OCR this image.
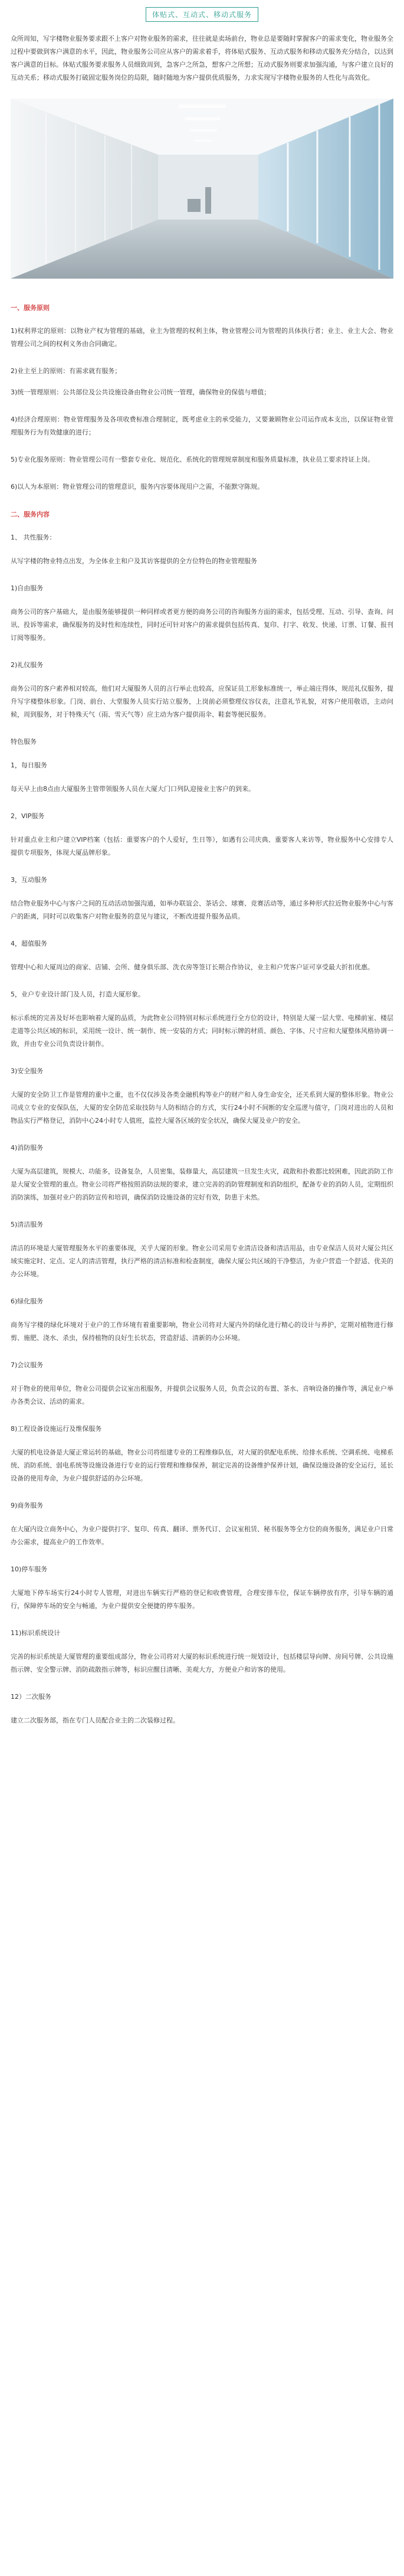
体贴式、互动式、移动式服务

众所周知，写字楼物业服务要求跟不上客户对物业服务的需求，往往就是卖场前台，物业总是要随时掌握客户的需求变化，物业服务全过程中要做到客户满意的水平，因此，物业服务公司应从客户的需求着手，将体贴式服务、互动式服务和移动式服务充分结合，以达到客户满意的目标。体贴式服务要求服务人员细致周到，急客户之所急，想客户之所想；互动式服务则要求加强沟通，与客户建立良好的互动关系；移动式服务打破固定服务岗位的局限，随时随地为客户提供优质服务，力求实现写字楼物业服务的人性化与高效化。

一、服务原则

1)权利界定的原则：以物业产权为管理的基础，业主为管理的权利主体，物业管理公司为管理的具体执行者；业主、业主大会、物业管理公司之间的权利义务由合同确定。

2)业主至上的原则：有需求就有服务；

3)统一管理原则：公共部位及公共设施设备由物业公司统一管理，确保物业的保值与增值；

4)经济合理原则：物业管理服务及各项收费标准合理制定，既考虑业主的承受能力，又要兼顾物业公司运作成本支出，以保证物业管理服务行为有效健康的进行；

5)专业化服务原则：物业管理公司有一整套专业化、规范化、系统化的管理规章制度和服务质量标准，执业员工要求持证上岗。

6)以人为本原则：物业管理公司的管理意识，服务内容要体现用户之需，不能默守陈规。

二、服务内容
1、 共性服务：

从写字楼的物业特点出发，为全体业主和户及其访客提供的全方位特色的物业管理服务

1)自由服务

商务公司的客户基础大，是由服务能够提供一种同样或者更方便的商务公司的咨询服务方面的需求，包括受理、互动、引导、查询、问讯、投诉等需求，确保服务的及时性和连续性，同时还可针对客户的需求提供包括传真、复印、打字、收发、快递、订票、订餐、报刊订阅等服务。

2)礼仪服务

商务公司的客户素养相对较高，他们对大厦服务人员的言行举止也较高，应保证员工形象标准统一，举止端庄得体，规范礼仪服务，提升写字楼整体形象。门岗、前台、大堂服务人员实行站立服务，上岗前必须整理仪容仪表，注意礼节礼貌，对客户使用敬语，主动问候，周到服务，对于特殊天气（雨、雪天气等）应主动为客户提供雨伞、鞋套等便民服务。

特色服务
1，每日服务

每天早上由8点由大厦服务主管带领服务人员在大厦大门口列队迎接业主客户的到来。

2，VIP服务

针对重点业主和户建立VIP档案（包括：重要客户的个人爱好，生日等），如遇有公司庆典、重要客人来访等，物业服务中心安排专人提供专项服务，体现大厦品牌形象。

3，互动服务

结合物业服务中心与客户之间的互动活动加强沟通，如举办联谊会、茶话会、球赛、竞赛活动等，通过多种形式拉近物业服务中心与客户的距离，同时可以收集客户对物业服务的意见与建议，不断改进提升服务品质。

4，超值服务

管理中心和大厦周边的商家、店铺、会所、健身俱乐部、洗衣房等签订长期合作协议，业主和户凭客户证可享受最大折扣优惠。

5，业户专业设计部门及人员，打造大厦形象。

标示系统的完善及好坏也影响着大厦的品质，为此物业公司特别对标示系统进行全方位的设计，特别是大厦一层大堂、电梯前室、楼层走道等公共区域的标识，采用统一设计、统一制作、统一安装的方式；同时标示牌的材质、颜色、字体、尺寸应和大厦整体风格协调一致，并由专业公司负责设计制作。

3)安全服务

大厦的安全防卫工作是管理的重中之重，也不仅仅涉及各类金融机构等业户的财产和人身生命安全，还关系到大厦的整体形象。物业公司成立专业的安保队伍，大厦的安全防范采取技防与人防相结合的方式，实行24小时不间断的安全巡逻与值守，门岗对进出的人员和物品实行严格登记，消防中心24小时专人值班，监控大厦各区域的安全状况，确保大厦及业户的安全。

4)消防服务

大厦为高层建筑，规模大、功能多，设备复杂，人员密集，装修量大，高层建筑一旦发生火灾，疏散和扑救都比较困难，因此消防工作是大厦安全管理的重点。物业公司将严格按照消防法规的要求，建立完善的消防管理制度和消防组织，配备专业的消防人员，定期组织消防演练，加强对业户的消防宣传和培训，确保消防设施设备的完好有效，防患于未然。

5)清洁服务

清洁的环境是大厦管理服务水平的重要体现，关乎大厦的形象。物业公司采用专业清洁设备和清洁用品，由专业保洁人员对大厦公共区域实施定时、定点、定人的清洁管理，执行严格的清洁标准和检查制度，确保大厦公共区域的干净整洁，为业户营造一个舒适、优美的办公环境。

6)绿化服务

商务写字楼的绿化环境对于业户的工作环境有着重要影响，物业公司将对大厦内外的绿化进行精心的设计与养护，定期对植物进行修剪、施肥、浇水、杀虫，保持植物的良好生长状态，营造舒适、清新的办公环境。

7)会议服务

对于物业的使用单位，物业公司提供会议室出租服务，并提供会议服务人员，负责会议的布置、茶水、音响设备的操作等，满足业户举办各类会议、活动的需求。

8)工程设备设施运行及维保服务

大厦的机电设备是大厦正常运转的基础，物业公司将组建专业的工程维修队伍，对大厦的供配电系统、给排水系统、空调系统、电梯系统、消防系统、弱电系统等设施设备进行专业的运行管理和维修保养，制定完善的设备维护保养计划，确保设施设备的安全运行，延长设备的使用寿命，为业户提供舒适的办公环境。

9)商务服务

在大厦内设立商务中心，为业户提供打字、复印、传真、翻译、票务代订、会议室租赁、秘书服务等全方位的商务服务，满足业户日常办公需求，提高业户的工作效率。

10)停车服务

大厦地下停车场实行24小时专人管理，对进出车辆实行严格的登记和收费管理，合理安排车位，保证车辆停放有序，引导车辆的通行，保障停车场的安全与畅通，为业户提供安全便捷的停车服务。

11)标识系统设计

完善的标识系统是大厦管理的重要组成部分，物业公司将对大厦的标识系统进行统一规划设计，包括楼层导向牌、房间号牌、公共设施指示牌、安全警示牌、消防疏散指示牌等，标识应醒目清晰、美观大方，方便业户和访客的使用。

12）二次服务

建立二次服务部，指在专门人员配合业主的二次装修过程。
